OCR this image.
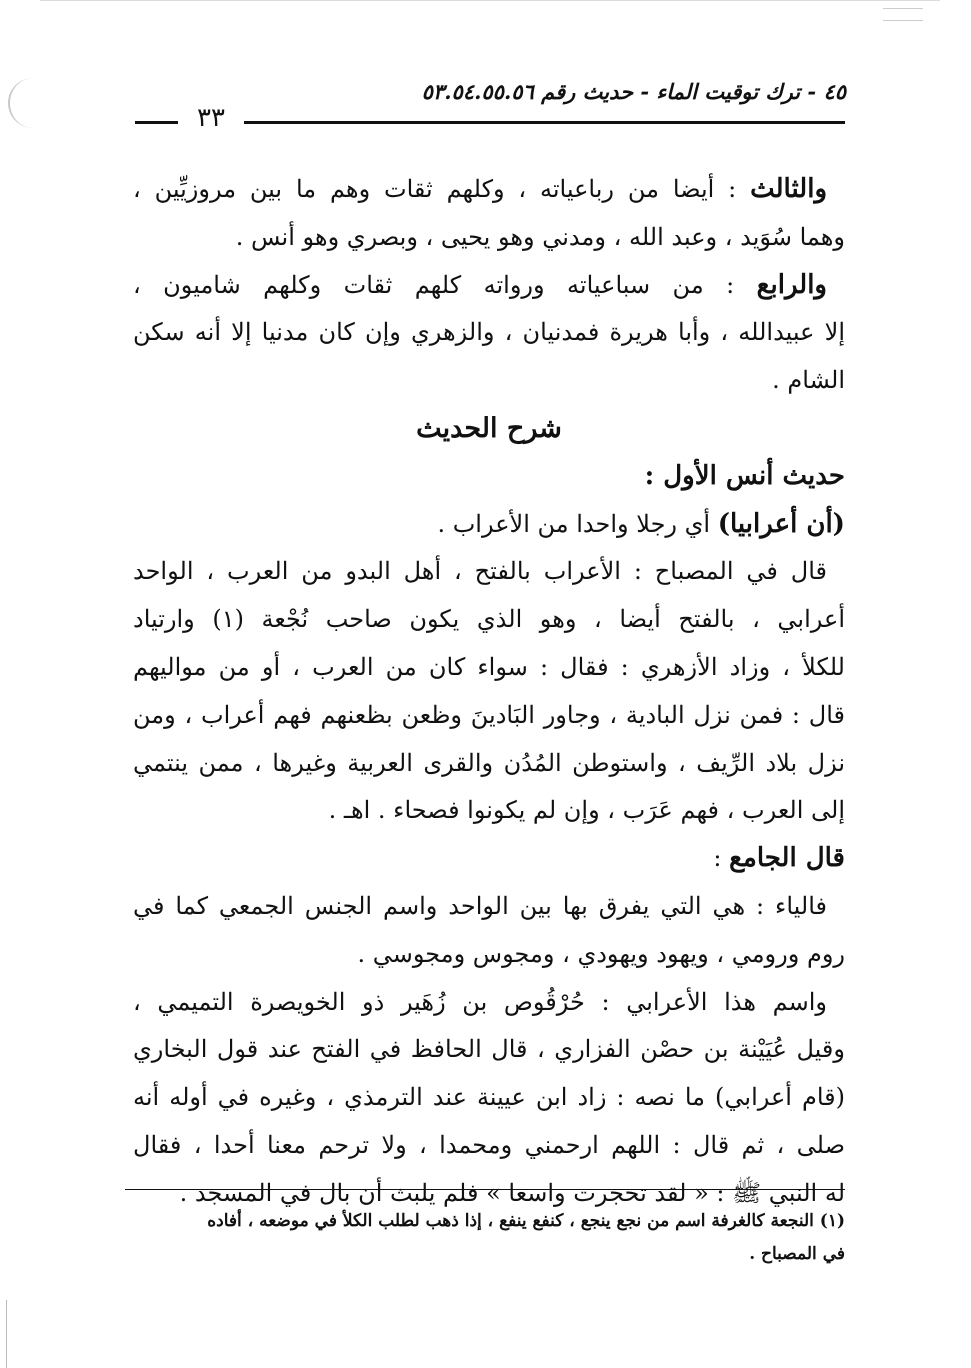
٤٥ - ترك توقيت الماء - حديث رقم ٥٣.٥٤.٥٥.٥٦
٣٣
والثالث : أيضا من رباعياته ، وكلهم ثقات وهم ما بين مروزيِّين ،
وهما سُوَيد ، وعبد الله ، ومدني وهو يحيى ، وبصري وهو أنس .
والرابع : من سباعياته ورواته كلهم ثقات وكلهم شاميون ،
إلا عبيدالله ، وأبا هريرة فمدنيان ، والزهري وإن كان مدنيا إلا أنه سكن
الشام .
شرح الحديث
حديث أنس الأول :
(أن أعرابيا) أي رجلا واحدا من الأعراب .
قال في المصباح : الأعراب بالفتح ، أهل البدو من العرب ، الواحد
أعرابي ، بالفتح أيضا ، وهو الذي يكون صاحب نُجْعة (١) وارتياد
للكلأ ، وزاد الأزهري : فقال : سواء كان من العرب ، أو من مواليهم
قال : فمن نزل البادية ، وجاور البَادينَ وظعن بظعنهم فهم أعراب ، ومن
نزل بلاد الرِّيف ، واستوطن المُدُن والقرى العربية وغيرها ، ممن ينتمي
إلى العرب ، فهم عَرَب ، وإن لم يكونوا فصحاء . اهـ .
قال الجامع :
فالياء : هي التي يفرق بها بين الواحد واسم الجنس الجمعي كما في
روم ورومي ، ويهود ويهودي ، ومجوس ومجوسي .
واسم هذا الأعرابي : حُرْقُوص بن زُهَير ذو الخويصرة التميمي ،
وقيل عُيَيْنة بن حصْن الفزاري ، قال الحافظ في الفتح عند قول البخاري
(قام أعرابي) ما نصه : زاد ابن عيينة عند الترمذي ، وغيره في أوله أنه
صلى ، ثم قال : اللهم ارحمني ومحمدا ، ولا ترحم معنا أحدا ، فقال
له النبي ﷺ : « لقد تحجرت واسعا » فلم يلبث أن بال في المسجد .
(١) النجعة كالغرفة اسم من نجع ينجع ، كنفع ينفع ، إذا ذهب لطلب الكلأ في موضعه ، أفاده
في المصباح .
